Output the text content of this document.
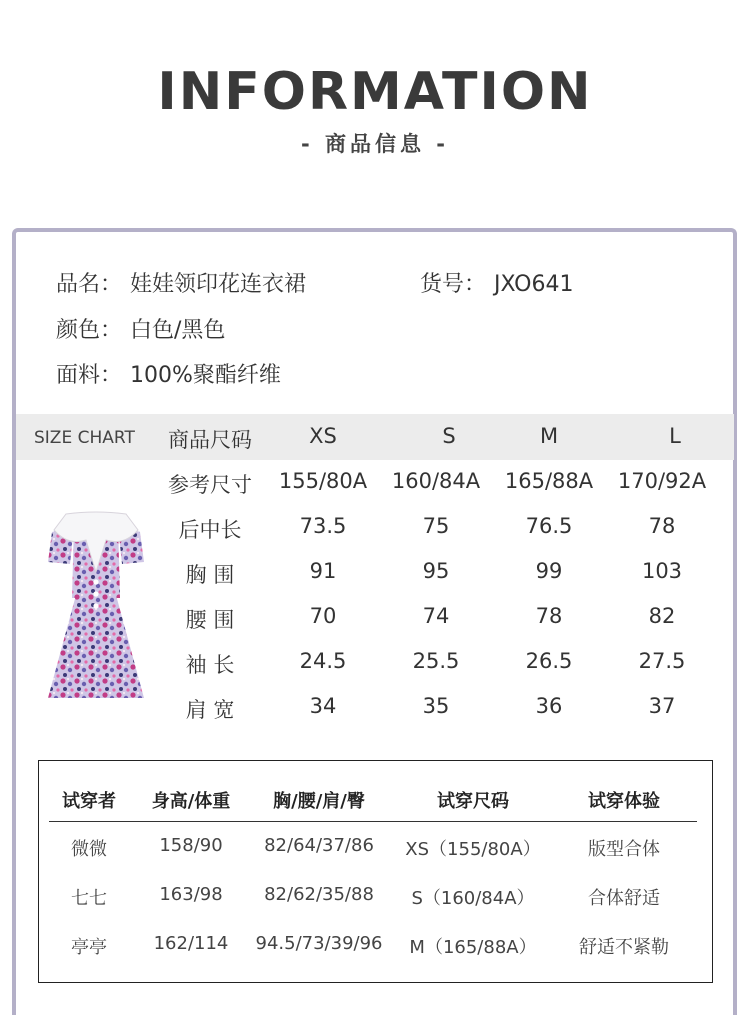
INFORMATION
- 商品信息 -
品名： 娃娃领印花连衣裙	货号： JXO641
颜色： 白色/黑色
面料： 100%聚酯纤维
SIZE CHART 商品尺码	XS	S	M	L
参考尺寸 155/80A 160/84A 165/88A 170/92A
后中长	73.5	75	76.5	78
胸 围	91	95	99	103
腰 围	70	74	78	82
袖 长	24.5	25.5	26.5	27.5
肩 宽	34	35	36	37
试穿者 身高/体重 胸/腰/肩/臀	试穿尺码	试穿体验
微微	158/90 82/64/37/86 XS（155/80A）	版型合体
七七	163/98 82/62/35/88 S（160/84A）	合体舒适
亭亭	162/114 94.5/73/39/96 M（165/88A） 舒适不紧勒
